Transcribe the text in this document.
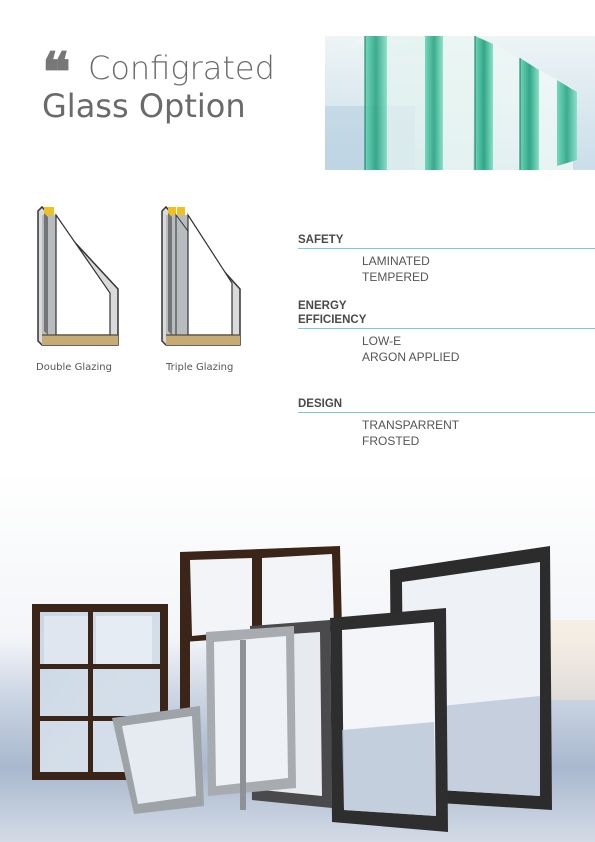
❛❛ Configrated
Glass Option
Double Glazing	Triple Glazing
SAFETY
LAMINATED
TEMPERED
ENERGY
EFFICIENCY
LOW-E
ARGON APPLIED
DESIGN
TRANSPARRENT
FROSTED
